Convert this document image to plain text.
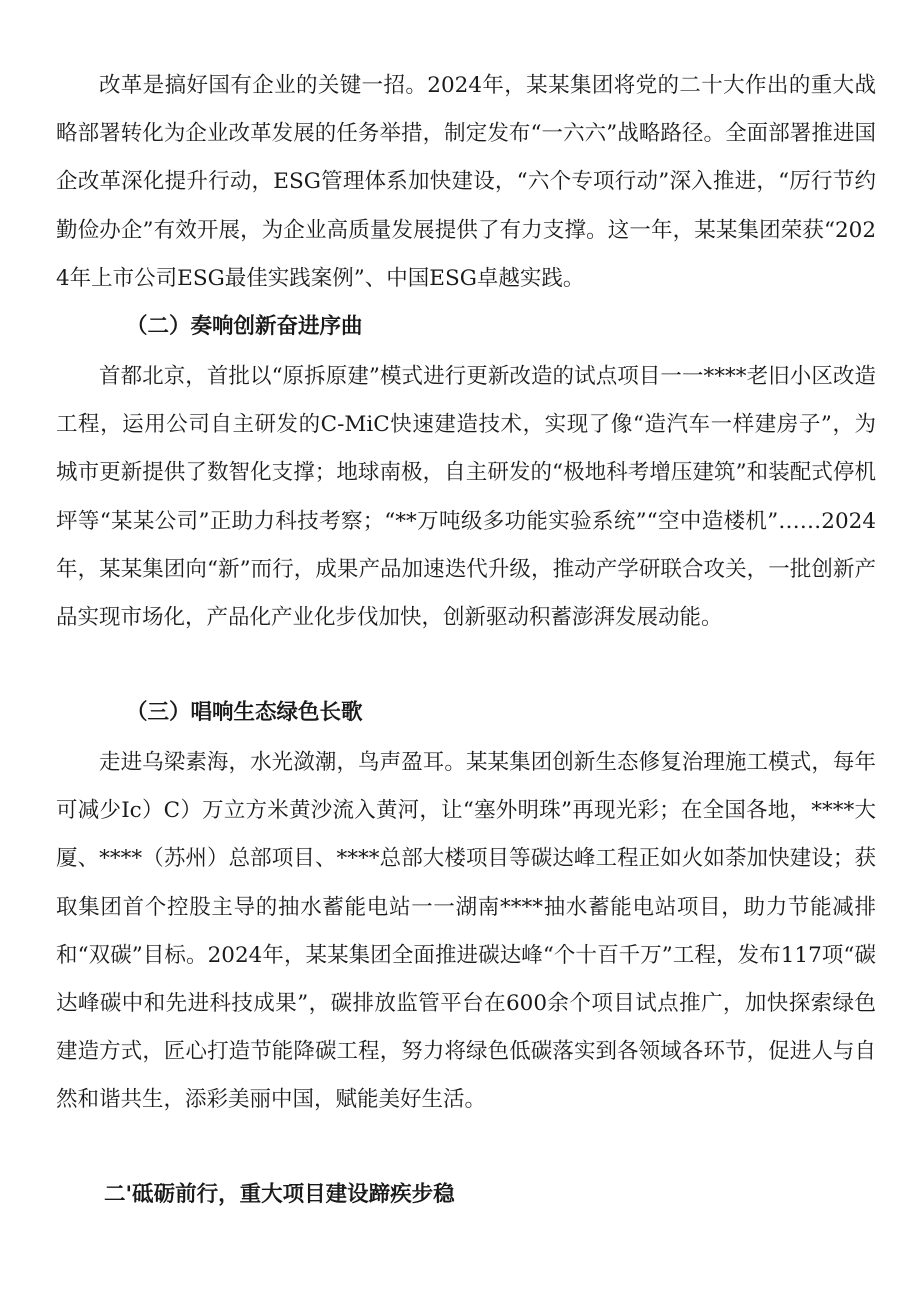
改革是搞好国有企业的关键一招。2024年，某某集团将党的二十大作出的重大战略部署转化为企业改革发展的任务举措，制定发布“一六六”战略路径。全面部署推进国企改革深化提升行动，ESG管理体系加快建设，“六个专项行动”深入推进，“厉行节约勤俭办企”有效开展，为企业高质量发展提供了有力支撑。这一年，某某集团荣获“2024年上市公司ESG最佳实践案例”、中国ESG卓越实践。

（二）奏响创新奋进序曲

首都北京，首批以“原拆原建”模式进行更新改造的试点项目一一****老旧小区改造工程，运用公司自主研发的C-MiC快速建造技术，实现了像“造汽车一样建房子”，为城市更新提供了数智化支撑；地球南极，自主研发的“极地科考增压建筑”和装配式停机坪等“某某公司”正助力科技考察；“**万吨级多功能实验系统”“空中造楼机”……2024年，某某集团向“新”而行，成果产品加速迭代升级，推动产学研联合攻关，一批创新产品实现市场化，产品化产业化步伐加快，创新驱动积蓄澎湃发展动能。

（三）唱响生态绿色长歌

走进乌梁素海，水光潋潮，鸟声盈耳。某某集团创新生态修复治理施工模式，每年可减少Ic）C）万立方米黄沙流入黄河，让“塞外明珠”再现光彩；在全国各地，****大厦、****（苏州）总部项目、****总部大楼项目等碳达峰工程正如火如荼加快建设；获取集团首个控股主导的抽水蓄能电站一一湖南****抽水蓄能电站项目，助力节能减排和“双碳”目标。2024年，某某集团全面推进碳达峰“个十百千万”工程，发布117项“碳达峰碳中和先进科技成果”，碳排放监管平台在600余个项目试点推广，加快探索绿色建造方式，匠心打造节能降碳工程，努力将绿色低碳落实到各领域各环节，促进人与自然和谐共生，添彩美丽中国，赋能美好生活。

二'砥砺前行，重大项目建设蹄疾步稳
